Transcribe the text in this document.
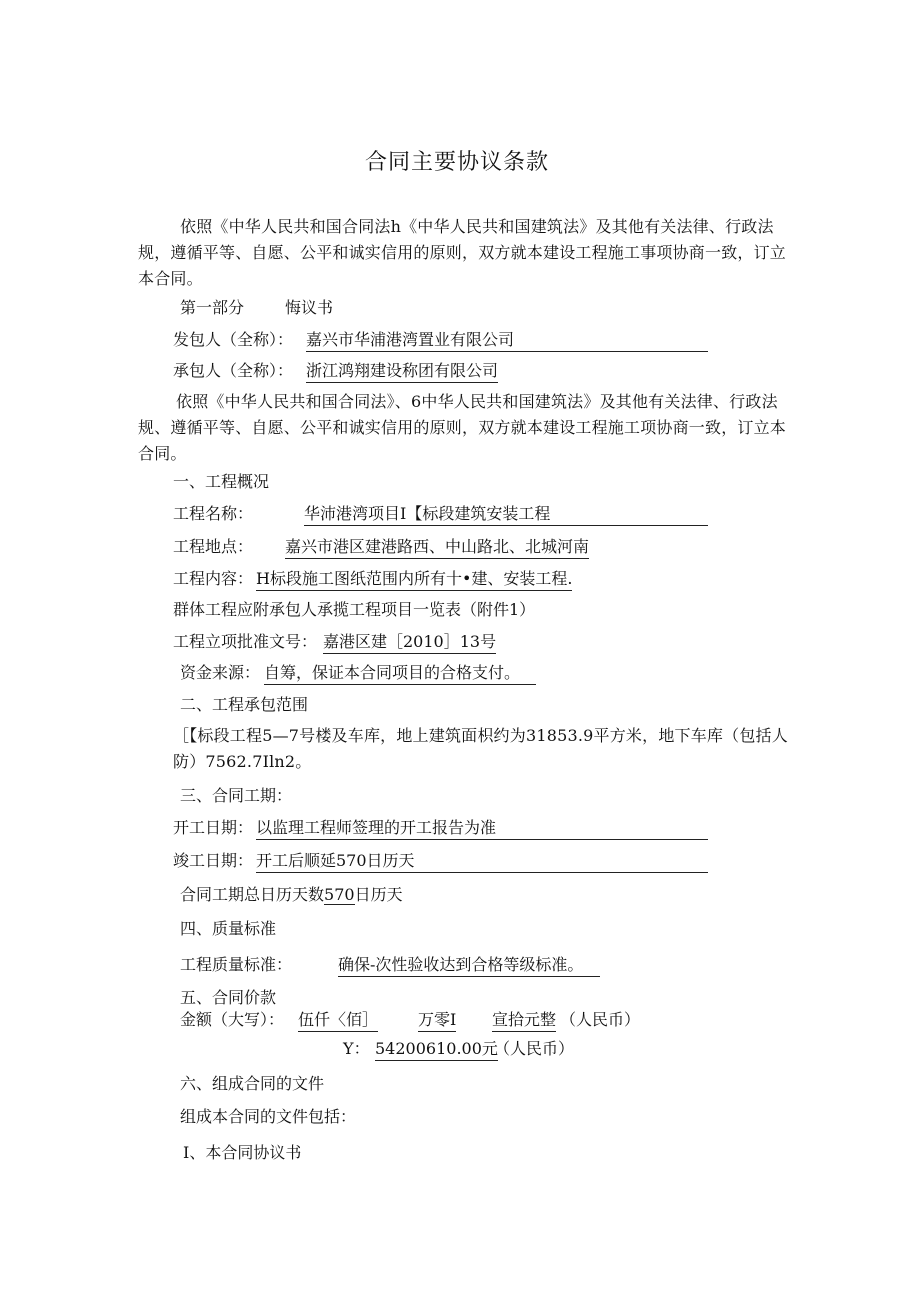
合同主要协议条款
依照《中华人民共和国合同法h《中华人民共和国建筑法》及其他有关法律、行政法规，遵循平等、自愿、公平和诚实信用的原则，双方就本建设工程施工事项协商一致，订立本合同。
第一部分	悔议书
发包人（全称）： 嘉兴市华浦港湾置业有限公司
承包人（全称）： 浙江鸿翔建设称团有限公司
依照《中华人民共和国合同法》、6中华人民共和国建筑法》及其他有关法律、行政法规、遵循平等、自愿、公平和诚实信用的原则，双方就本建设工程施工项协商一致，订立本合同。
一、工程概况
工程名称：	华沛港湾项目I【标段建筑安装工程
工程地点： 嘉兴市港区建港路西、中山路北、北城河南
工程内容： H标段施工图纸范围内所有十•建、安装工程.
群体工程应附承包人承揽工程项目一览表（附件1）
工程立项批准文号： 嘉港区建［2010］13号
资金来源： 自筹，保证本合同项目的合格支付。
二、工程承包范围
［【标段工程5—7号楼及车库，地上建筑面枳约为31853.9平方米，地下车库（包括人防）7562.7Iln2。
三、合同工期：
开工日期： 以监理工程师签理的开工报告为准
竣工日期： 开工后顺延570日历天
合同工期总日历天数570日历天
四、质量标准
工程质量标准：	确保-次性验收达到合格等级标准。
五、合同价款
金额（大写）： 伍仟〈佰］ 万零I 宣拾元整 （人民币）
Y： 54200610.00元
（人民币）
六、组成合同的文件
组成本合同的文件包括：
I、本合同协议书
